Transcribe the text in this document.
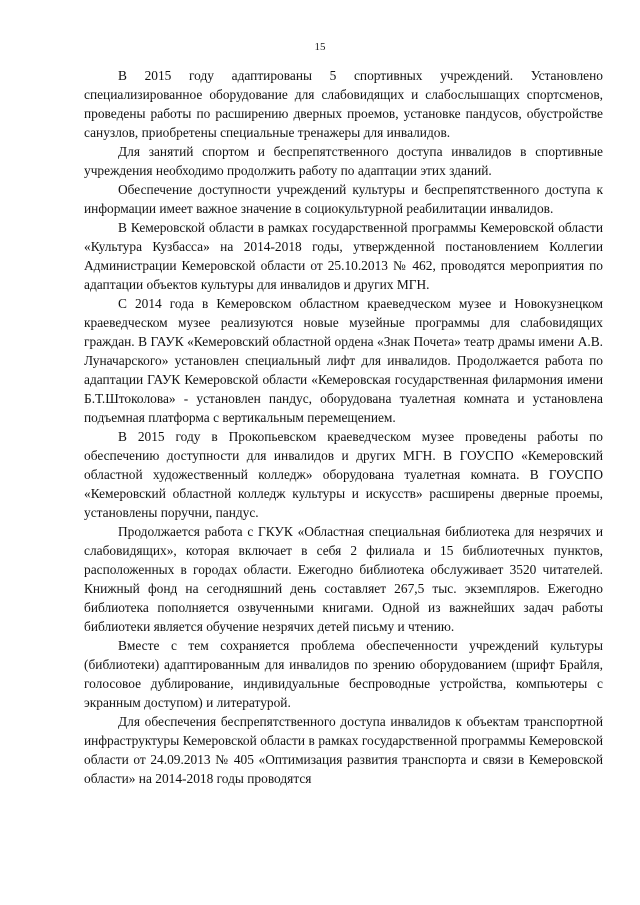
15

В 2015 году адаптированы 5 спортивных учреждений. Установлено специализированное оборудование для слабовидящих и слабослышащих спортсменов, проведены работы по расширению дверных проемов, установке пандусов, обустройстве санузлов, приобретены специальные тренажеры для инвалидов.

Для занятий спортом и беспрепятственного доступа инвалидов в спортивные учреждения необходимо продолжить работу по адаптации этих зданий.

Обеспечение доступности учреждений культуры и беспрепятственного доступа к информации имеет важное значение в социокультурной реабилитации инвалидов.

В Кемеровской области в рамках государственной программы Кемеровской области «Культура Кузбасса» на 2014-2018 годы, утвержденной постановлением Коллегии Администрации Кемеровской области от 25.10.2013 № 462, проводятся мероприятия по адаптации объектов культуры для инвалидов и других МГН.

С 2014 года в Кемеровском областном краеведческом музее и Новокузнецком краеведческом музее реализуются новые музейные программы для слабовидящих граждан. В ГАУК «Кемеровский областной ордена «Знак Почета» театр драмы имени А.В. Луначарского» установлен специальный лифт для инвалидов. Продолжается работа по адаптации ГАУК Кемеровской области «Кемеровская государственная филармония имени Б.Т.Штоколова» - установлен пандус, оборудована туалетная комната и установлена подъемная платформа с вертикальным перемещением.

В 2015 году в Прокопьевском краеведческом музее проведены работы по обеспечению доступности для инвалидов и других МГН. В ГОУСПО «Кемеровский областной художественный колледж» оборудована туалетная комната. В ГОУСПО «Кемеровский областной колледж культуры и искусств» расширены дверные проемы, установлены поручни, пандус.

Продолжается работа с ГКУК «Областная специальная библиотека для незрячих и слабовидящих», которая включает в себя 2 филиала и 15 библиотечных пунктов, расположенных в городах области. Ежегодно библиотека обслуживает 3520 читателей. Книжный фонд на сегодняшний день составляет 267,5 тыс. экземпляров. Ежегодно библиотека пополняется озвученными книгами. Одной из важнейших задач работы библиотеки является обучение незрячих детей письму и чтению.

Вместе с тем сохраняется проблема обеспеченности учреждений культуры (библиотеки) адаптированным для инвалидов по зрению оборудованием (шрифт Брайля, голосовое дублирование, индивидуальные беспроводные устройства, компьютеры с экранным доступом) и литературой.

Для обеспечения беспрепятственного доступа инвалидов к объектам транспортной инфраструктуры Кемеровской области в рамках государственной программы Кемеровской области от 24.09.2013 № 405 «Оптимизация развития транспорта и связи в Кемеровской области» на 2014-2018 годы проводятся
